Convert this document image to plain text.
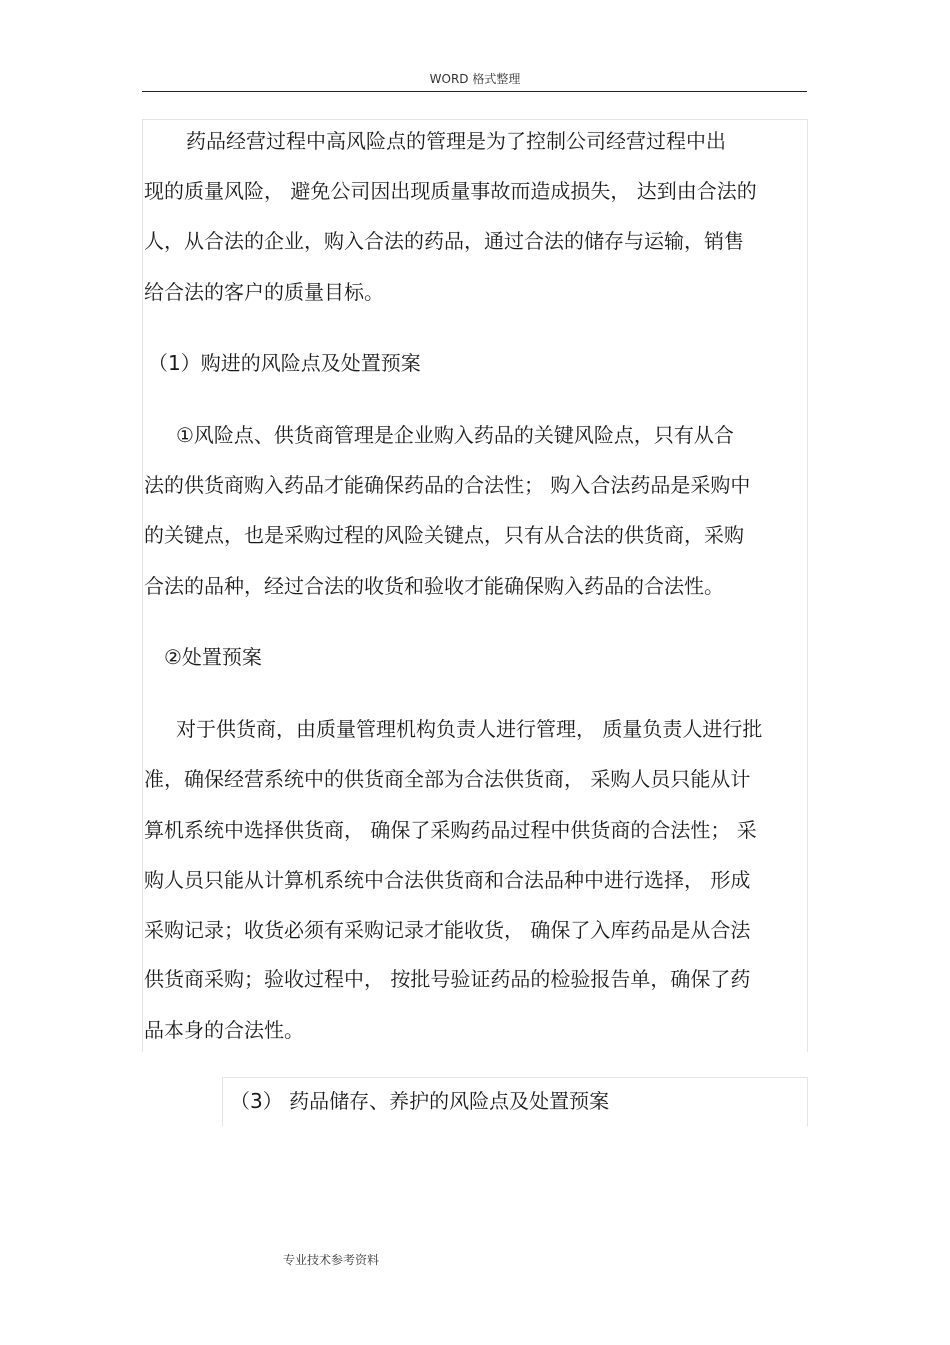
WORD 格式整理
药品经营过程中高风险点的管理是为了控制公司经营过程中出
现的质量风险， 避免公司因出现质量事故而造成损失， 达到由合法的
人，从合法的企业，购入合法的药品，通过合法的储存与运输，销售
给合法的客户的质量目标。
（1）购进的风险点及处置预案
①风险点、供货商管理是企业购入药品的关键风险点，只有从合
法的供货商购入药品才能确保药品的合法性； 购入合法药品是采购中
的关键点，也是采购过程的风险关键点，只有从合法的供货商，采购
合法的品种，经过合法的收货和验收才能确保购入药品的合法性。
②处置预案
对于供货商，由质量管理机构负责人进行管理， 质量负责人进行批
准，确保经营系统中的供货商全部为合法供货商， 采购人员只能从计
算机系统中选择供货商， 确保了采购药品过程中供货商的合法性； 采
购人员只能从计算机系统中合法供货商和合法品种中进行选择， 形成
采购记录；收货必须有采购记录才能收货， 确保了入库药品是从合法
供货商采购；验收过程中， 按批号验证药品的检验报告单，确保了药
品本身的合法性。
（3） 药品储存、养护的风险点及处置预案
专业技术参考资料
